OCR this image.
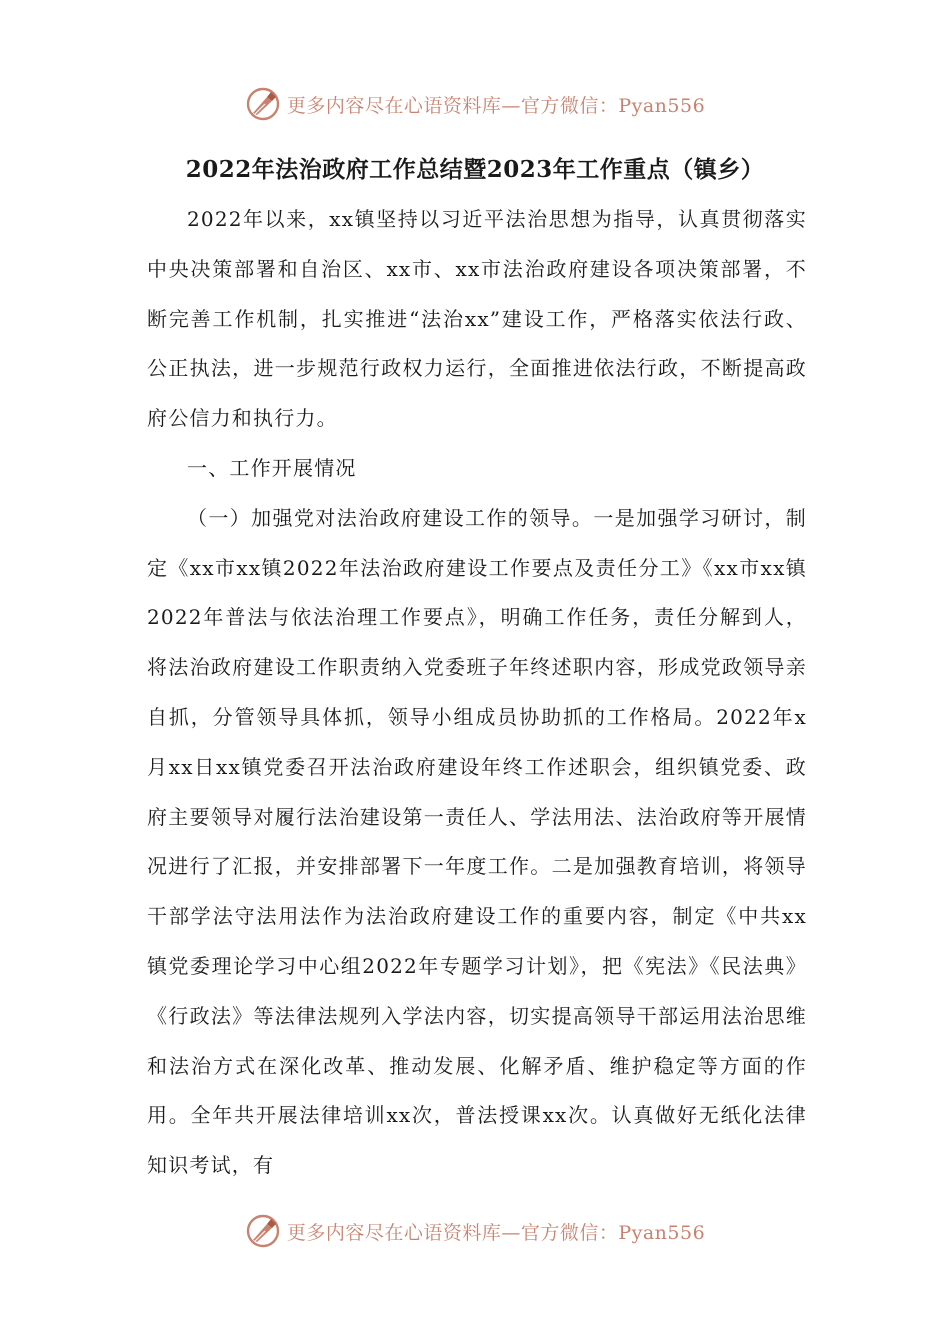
更多内容尽在心语资料库—官方微信：Pyan556
2022年法治政府工作总结暨2023年工作重点（镇乡）

2022年以来，xx镇坚持以习近平法治思想为指导，认真贯彻落实中央决策部署和自治区、xx市、xx市法治政府建设各项决策部署，不断完善工作机制，扎实推进“法治xx”建设工作，严格落实依法行政、公正执法，进一步规范行政权力运行，全面推进依法行政，不断提高政府公信力和执行力。

一、工作开展情况

（一）加强党对法治政府建设工作的领导。一是加强学习研讨，制定《xx市xx镇2022年法治政府建设工作要点及责任分工》《xx市xx镇2022年普法与依法治理工作要点》，明确工作任务，责任分解到人，将法治政府建设工作职责纳入党委班子年终述职内容，形成党政领导亲自抓，分管领导具体抓，领导小组成员协助抓的工作格局。2022年x月xx日xx镇党委召开法治政府建设年终工作述职会，组织镇党委、政府主要领导对履行法治建设第一责任人、学法用法、法治政府等开展情况进行了汇报，并安排部署下一年度工作。二是加强教育培训，将领导干部学法守法用法作为法治政府建设工作的重要内容，制定《中共xx镇党委理论学习中心组2022年专题学习计划》，把《宪法》《民法典》《行政法》等法律法规列入学法内容，切实提高领导干部运用法治思维和法治方式在深化改革、推动发展、化解矛盾、维护稳定等方面的作用。全年共开展法律培训xx次，普法授课xx次。认真做好无纸化法律知识考试，有

更多内容尽在心语资料库—官方微信：Pyan556
